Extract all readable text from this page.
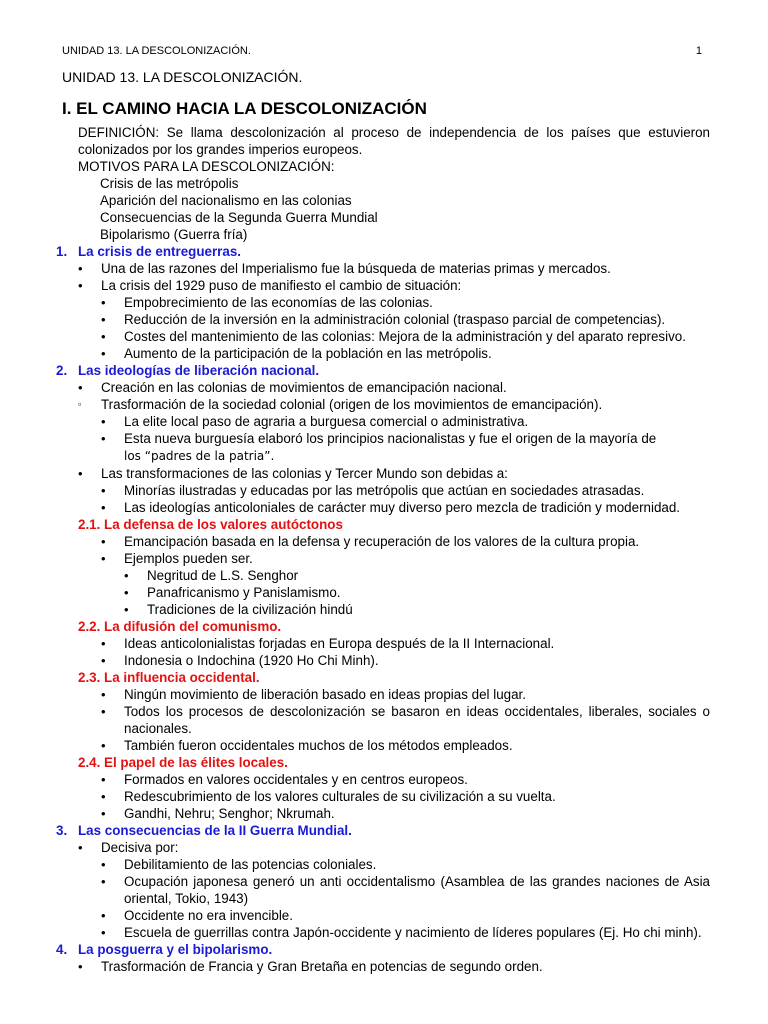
UNIDAD 13. LA DESCOLONIZACIÓN.	1
UNIDAD 13. LA DESCOLONIZACIÓN.
I. EL CAMINO HACIA LA DESCOLONIZACIÓN
DEFINICIÓN: Se llama descolonización al proceso de independencia de los países que estuvieron colonizados por los grandes imperios europeos.
MOTIVOS PARA LA DESCOLONIZACIÓN:
Crisis de las metrópolis
Aparición del nacionalismo en las colonias
Consecuencias de la Segunda Guerra Mundial
Bipolarismo (Guerra fría)
1. La crisis de entreguerras.
• Una de las razones del Imperialismo fue la búsqueda de materias primas y mercados.
• La crisis del 1929 puso de manifiesto el cambio de situación:
• Empobrecimiento de las economías de las colonias.
• Reducción de la inversión en la administración colonial (traspaso parcial de competencias).
• Costes del mantenimiento de las colonias: Mejora de la administración y del aparato represivo.
• Aumento de la participación de la población en las metrópolis.
2. Las ideologías de liberación nacional.
• Creación en las colonias de movimientos de emancipación nacional.
▫ Trasformación de la sociedad colonial (origen de los movimientos de emancipación).
• La elite local paso de agraria a burguesa comercial o administrativa.
• Esta nueva burguesía elaboró los principios nacionalistas y fue el origen de la mayoría de
los “padres de la patria”.
• Las transformaciones de las colonias y Tercer Mundo son debidas a:
• Minorías ilustradas y educadas por las metrópolis que actúan en sociedades atrasadas.
• Las ideologías anticoloniales de carácter muy diverso pero mezcla de tradición y modernidad.
2.1. La defensa de los valores autóctonos
• Emancipación basada en la defensa y recuperación de los valores de la cultura propia.
• Ejemplos pueden ser.
• Negritud de L.S. Senghor
• Panafricanismo y Panislamismo.
• Tradiciones de la civilización hindú
2.2. La difusión del comunismo.
• Ideas anticolonialistas forjadas en Europa después de la II Internacional.
• Indonesia o Indochina (1920 Ho Chi Minh).
2.3. La influencia occidental.
• Ningún movimiento de liberación basado en ideas propias del lugar.
• Todos los procesos de descolonización se basaron en ideas occidentales, liberales, sociales o nacionales.
• También fueron occidentales muchos de los métodos empleados.
2.4. El papel de las élites locales.
• Formados en valores occidentales y en centros europeos.
• Redescubrimiento de los valores culturales de su civilización a su vuelta.
• Gandhi, Nehru; Senghor; Nkrumah.
3. Las consecuencias de la II Guerra Mundial.
• Decisiva por:
• Debilitamiento de las potencias coloniales.
• Ocupación japonesa generó un anti occidentalismo (Asamblea de las grandes naciones de Asia oriental, Tokio, 1943)
• Occidente no era invencible.
• Escuela de guerrillas contra Japón-occidente y nacimiento de líderes populares (Ej. Ho chi minh).
4. La posguerra y el bipolarismo.
• Trasformación de Francia y Gran Bretaña en potencias de segundo orden.
